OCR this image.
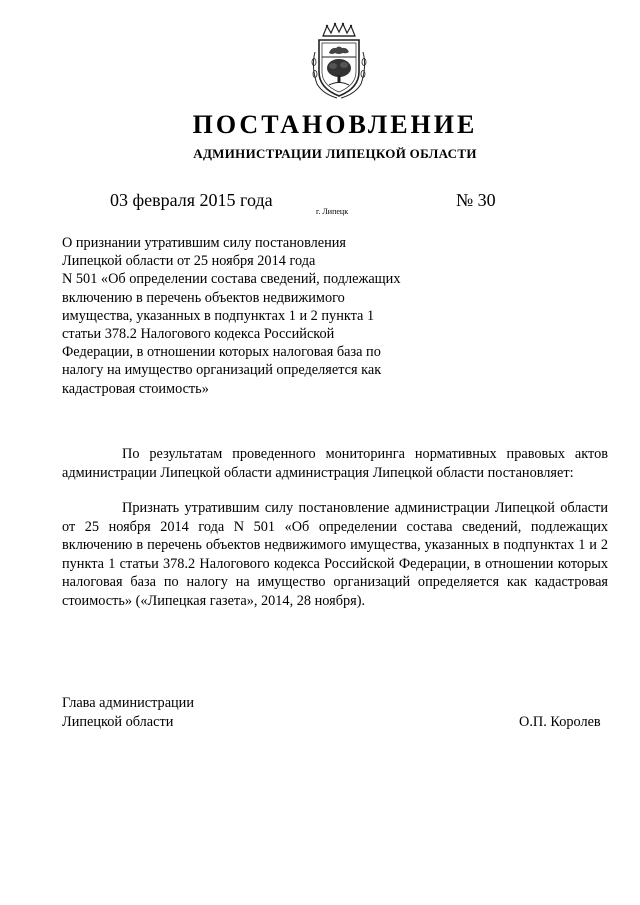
ПОСТАНОВЛЕНИЕ
АДМИНИСТРАЦИИ ЛИПЕЦКОЙ ОБЛАСТИ
03 февраля 2015 года
г. Липецк
№ 30

О признании утратившим силу постановления
Липецкой области от 25 ноября 2014 года
N 501 «Об определении состава сведений, подлежащих
включению в перечень объектов недвижимого
имущества, указанных в подпунктах 1 и 2 пункта 1
статьи 378.2 Налогового кодекса Российской
Федерации, в отношении которых налоговая база по
налогу на имущество организаций определяется как
кадастровая стоимость»

По результатам проведенного мониторинга нормативных правовых актов администрации Липецкой области администрация Липецкой области постановляет:

Признать утратившим силу постановление администрации Липецкой области от 25 ноября 2014 года N 501 «Об определении состава сведений, подлежащих включению в перечень объектов недвижимого имущества, указанных в подпунктах 1 и 2 пункта 1 статьи 378.2 Налогового кодекса Российской Федерации, в отношении которых налоговая база по налогу на имущество организаций определяется как кадастровая стоимость» («Липецкая газета», 2014, 28 ноября).

Глава администрации
Липецкой области	О.П. Королев
